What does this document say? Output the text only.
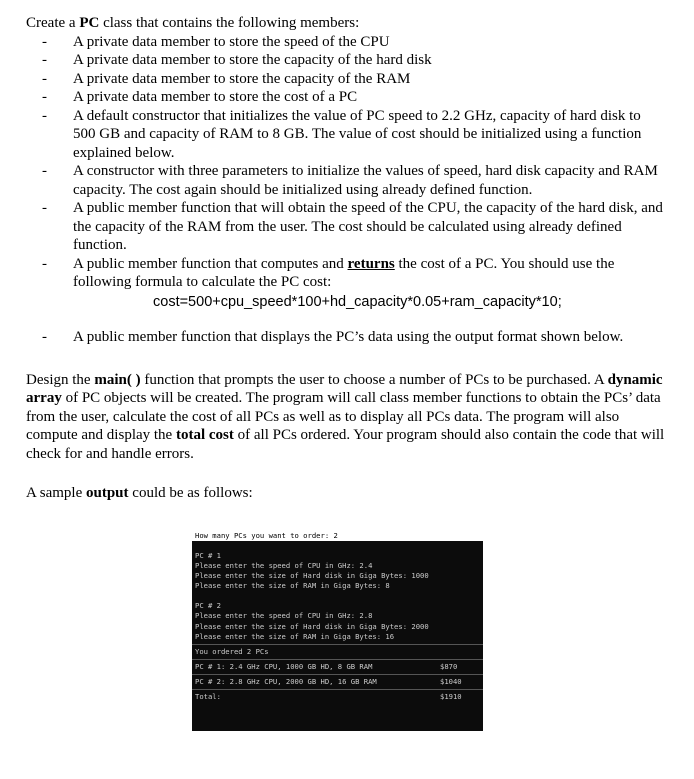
Create a PC class that contains the following members:

- A private data member to store the speed of the CPU
- A private data member to store the capacity of the hard disk
- A private data member to store the capacity of the RAM
- A private data member to store the cost of a PC
- A default constructor that initializes the value of PC speed to 2.2 GHz, capacity of hard disk to 500 GB and capacity of RAM to 8 GB. The value of cost should be initialized using a function explained below.
- A constructor with three parameters to initialize the values of speed, hard disk capacity and RAM capacity. The cost again should be initialized using already defined function.
- A public member function that will obtain the speed of the CPU, the capacity of the hard disk, and the capacity of the RAM from the user. The cost should be calculated using already defined function.
- A public member function that computes and returns the cost of a PC. You should use the following formula to calculate the PC cost:
cost=500+cpu_speed*100+hd_capacity*0.05+ram_capacity*10;
- A public member function that displays the PC’s data using the output format shown below.

Design the main( ) function that prompts the user to choose a number of PCs to be purchased. A dynamic array of PC objects will be created. The program will call class member functions to obtain the PCs’ data from the user, calculate the cost of all PCs as well as to display all PCs data. The program will also compute and display the total cost of all PCs ordered. Your program should also contain the code that will check for and handle errors.

A sample output could be as follows:

How many PCs you want to order: 2
PC # 1
Please enter the speed of CPU in GHz: 2.4
Please enter the size of Hard disk in Giga Bytes: 1000
Please enter the size of RAM in Giga Bytes: 8
PC # 2
Please enter the speed of CPU in GHz: 2.8
Please enter the size of Hard disk in Giga Bytes: 2000
Please enter the size of RAM in Giga Bytes: 16
You ordered 2 PCs
PC # 1: 2.4 GHz CPU, 1000 GB HD, 8 GB RAM	$870
PC # 2: 2.8 GHz CPU, 2000 GB HD, 16 GB RAM	$1040
Total:	$1910
